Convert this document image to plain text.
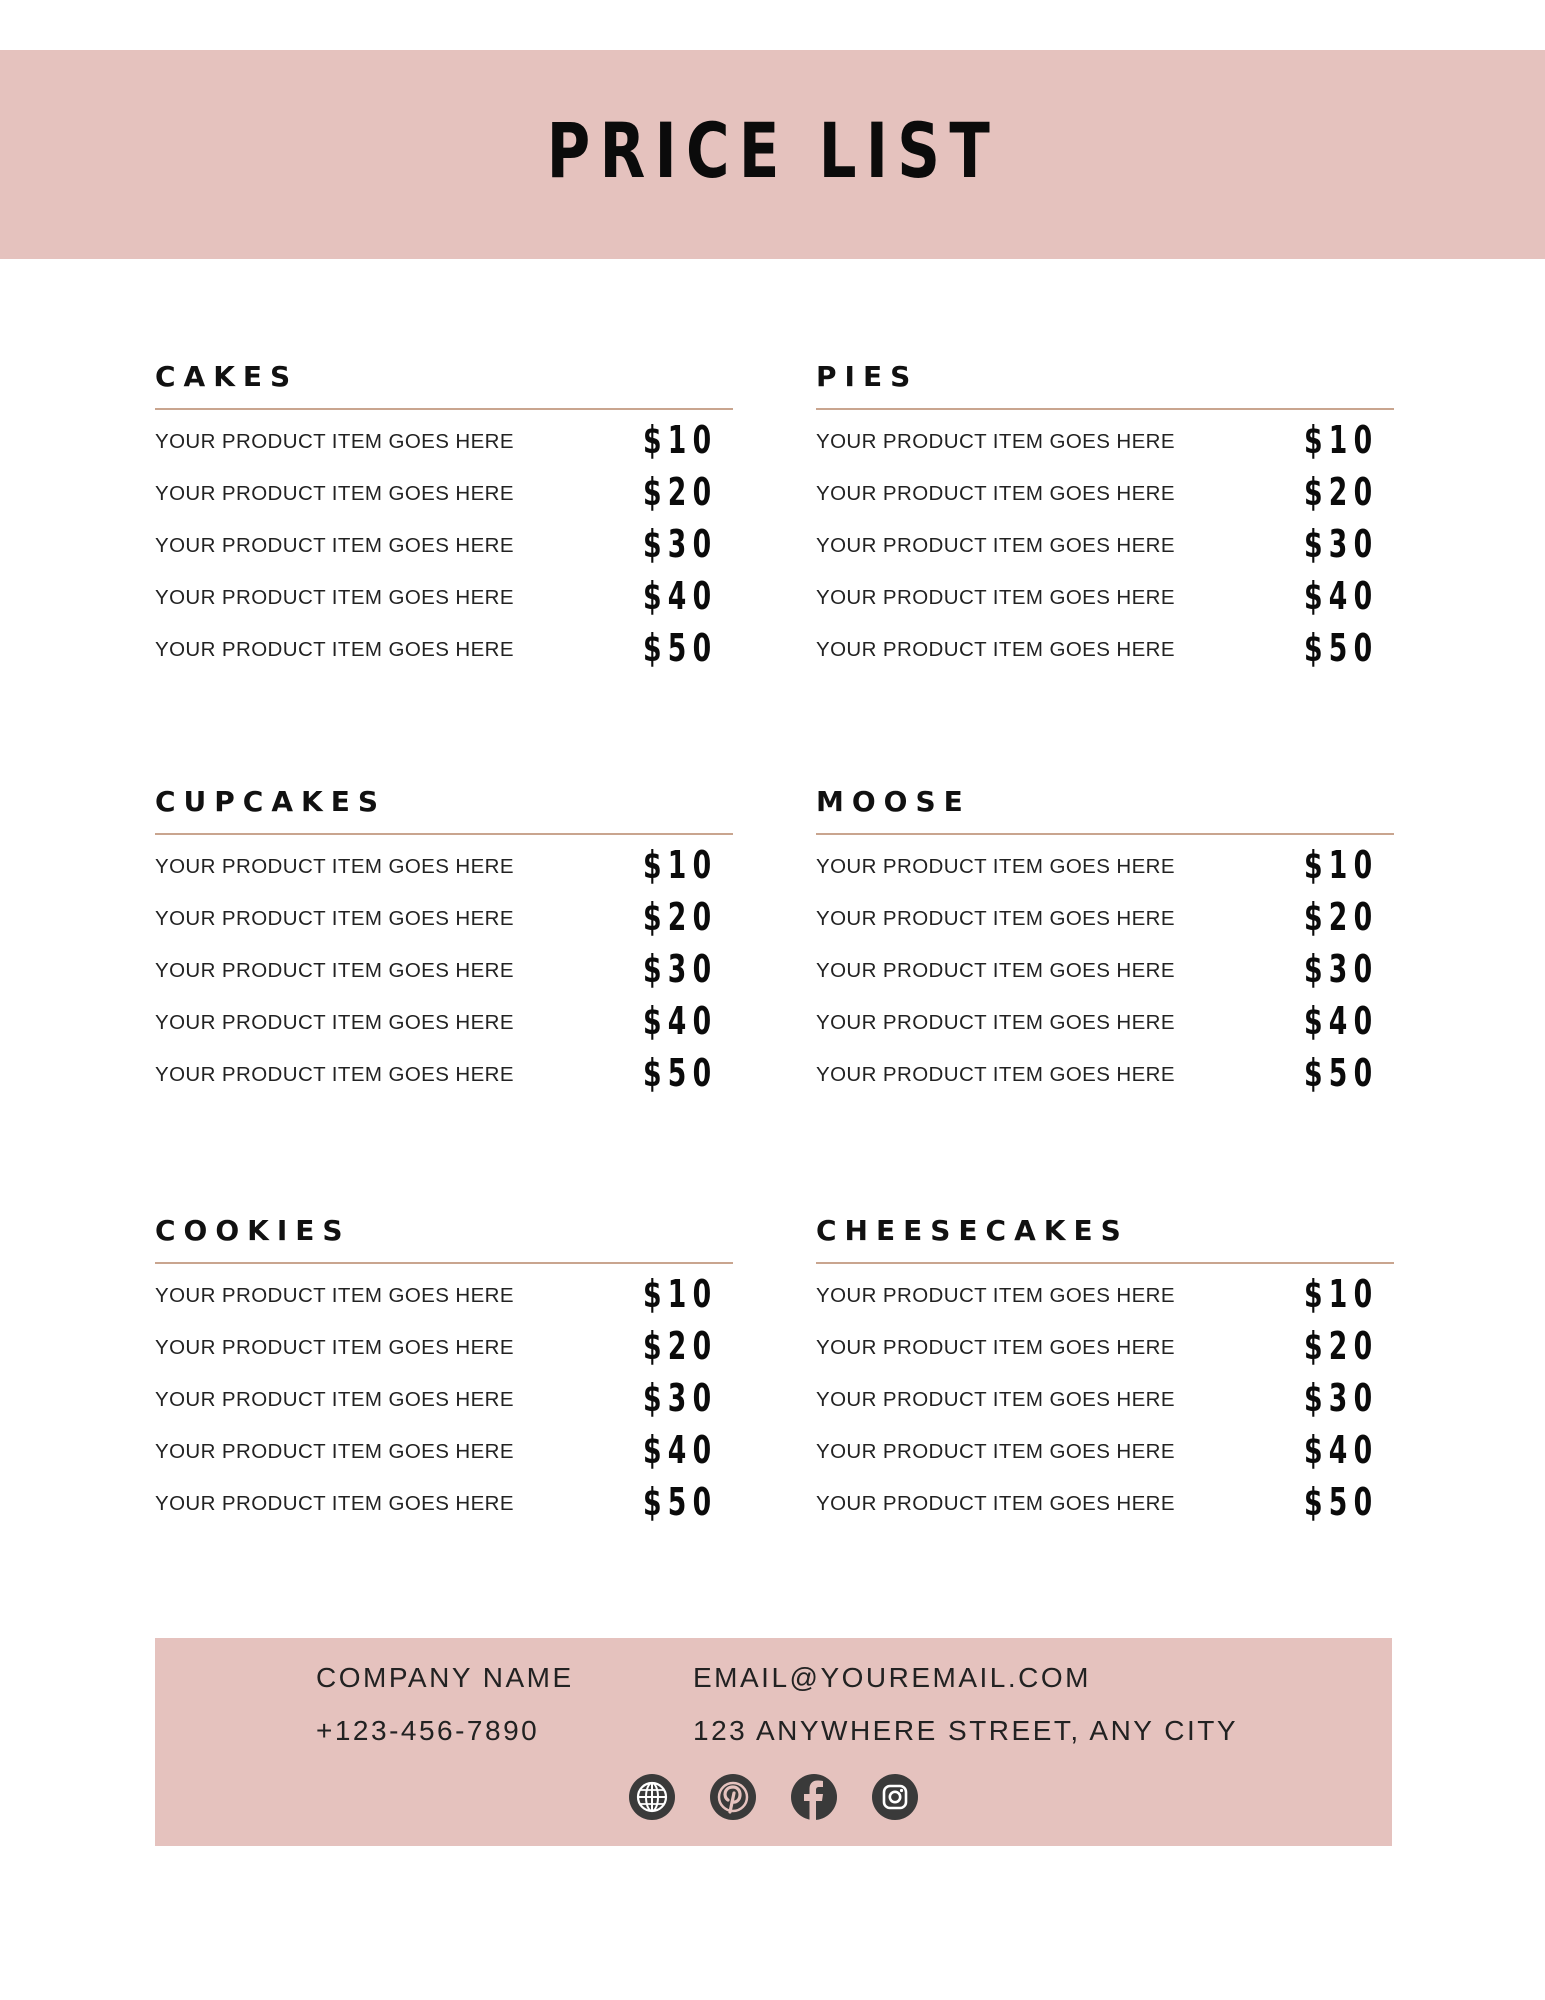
PRICE LIST
CAKES
YOUR PRODUCT ITEM GOES HERE	$10
YOUR PRODUCT ITEM GOES HERE	$20
YOUR PRODUCT ITEM GOES HERE	$30
YOUR PRODUCT ITEM GOES HERE	$40
YOUR PRODUCT ITEM GOES HERE	$50
PIES
YOUR PRODUCT ITEM GOES HERE	$10
YOUR PRODUCT ITEM GOES HERE	$20
YOUR PRODUCT ITEM GOES HERE	$30
YOUR PRODUCT ITEM GOES HERE	$40
YOUR PRODUCT ITEM GOES HERE	$50
CUPCAKES
YOUR PRODUCT ITEM GOES HERE	$10
YOUR PRODUCT ITEM GOES HERE	$20
YOUR PRODUCT ITEM GOES HERE	$30
YOUR PRODUCT ITEM GOES HERE	$40
YOUR PRODUCT ITEM GOES HERE	$50
MOOSE
YOUR PRODUCT ITEM GOES HERE	$10
YOUR PRODUCT ITEM GOES HERE	$20
YOUR PRODUCT ITEM GOES HERE	$30
YOUR PRODUCT ITEM GOES HERE	$40
YOUR PRODUCT ITEM GOES HERE	$50
COOKIES
YOUR PRODUCT ITEM GOES HERE	$10
YOUR PRODUCT ITEM GOES HERE	$20
YOUR PRODUCT ITEM GOES HERE	$30
YOUR PRODUCT ITEM GOES HERE	$40
YOUR PRODUCT ITEM GOES HERE	$50
CHEESECAKES
YOUR PRODUCT ITEM GOES HERE	$10
YOUR PRODUCT ITEM GOES HERE	$20
YOUR PRODUCT ITEM GOES HERE	$30
YOUR PRODUCT ITEM GOES HERE	$40
YOUR PRODUCT ITEM GOES HERE	$50
COMPANY NAME
+123-456-7890
EMAIL@YOUREMAIL.COM
123 ANYWHERE STREET, ANY CITY
